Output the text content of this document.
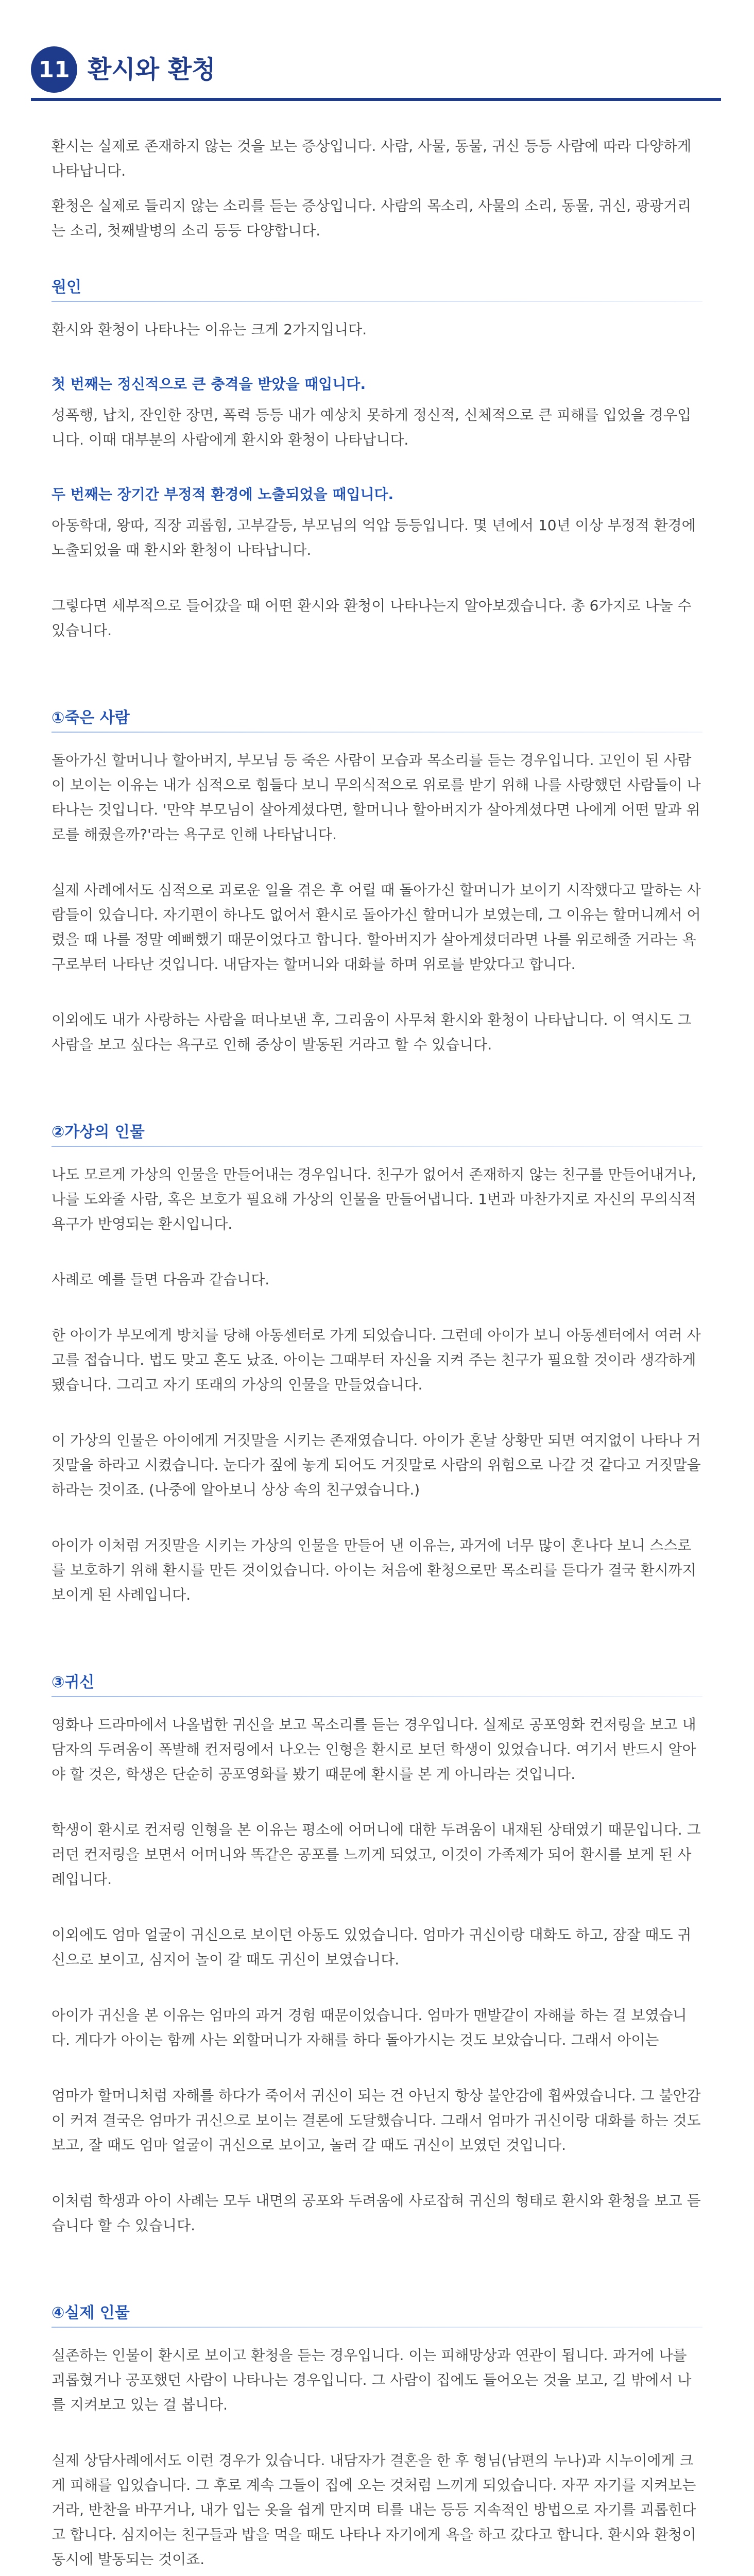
11 환시와 환청

환시는 실제로 존재하지 않는 것을 보는 증상입니다. 사람, 사물, 동물, 귀신 등등 사람에 따라 다양하게 나타납니다.

환청은 실제로 들리지 않는 소리를 듣는 증상입니다. 사람의 목소리, 사물의 소리, 동물, 귀신, 광광거리는 소리, 첫째발병의 소리 등등 다양합니다.

원인

환시와 환청이 나타나는 이유는 크게 2가지입니다.

첫 번째는 정신적으로 큰 충격을 받았을 때입니다.

성폭행, 납치, 잔인한 장면, 폭력 등등 내가 예상치 못하게 정신적, 신체적으로 큰 피해를 입었을 경우입니다. 이때 대부분의 사람에게 환시와 환청이 나타납니다.

두 번째는 장기간 부정적 환경에 노출되었을 때입니다.

아동학대, 왕따, 직장 괴롭힘, 고부갈등, 부모님의 억압 등등입니다. 몇 년에서 10년 이상 부정적 환경에 노출되었을 때 환시와 환청이 나타납니다.

그렇다면 세부적으로 들어갔을 때 어떤 환시와 환청이 나타나는지 알아보겠습니다. 총 6가지로 나눌 수 있습니다.

①죽은 사람

돌아가신 할머니나 할아버지, 부모님 등 죽은 사람이 모습과 목소리를 듣는 경우입니다. 고인이 된 사람이 보이는 이유는 내가 심적으로 힘들다 보니 무의식적으로 위로를 받기 위해 나를 사랑했던 사람들이 나타나는 것입니다. '만약 부모님이 살아계셨다면, 할머니나 할아버지가 살아계셨다면 나에게 어떤 말과 위로를 해줬을까?'라는 욕구로 인해 나타납니다.

실제 사례에서도 심적으로 괴로운 일을 겪은 후 어릴 때 돌아가신 할머니가 보이기 시작했다고 말하는 사람들이 있습니다. 자기편이 하나도 없어서 환시로 돌아가신 할머니가 보였는데, 그 이유는 할머니께서 어렸을 때 나를 정말 예뻐했기 때문이었다고 합니다. 할아버지가 살아계셨더라면 나를 위로해줄 거라는 욕구로부터 나타난 것입니다. 내담자는 할머니와 대화를 하며 위로를 받았다고 합니다.

이외에도 내가 사랑하는 사람을 떠나보낸 후, 그리움이 사무쳐 환시와 환청이 나타납니다. 이 역시도 그 사람을 보고 싶다는 욕구로 인해 증상이 발동된 거라고 할 수 있습니다.

②가상의 인물

나도 모르게 가상의 인물을 만들어내는 경우입니다. 친구가 없어서 존재하지 않는 친구를 만들어내거나, 나를 도와줄 사람, 혹은 보호가 필요해 가상의 인물을 만들어냅니다. 1번과 마찬가지로 자신의 무의식적 욕구가 반영되는 환시입니다.

사례로 예를 들면 다음과 같습니다.

한 아이가 부모에게 방치를 당해 아동센터로 가게 되었습니다. 그런데 아이가 보니 아동센터에서 여러 사고를 접습니다. 법도 맞고 혼도 났죠. 아이는 그때부터 자신을 지켜 주는 친구가 필요할 것이라 생각하게 됐습니다. 그리고 자기 또래의 가상의 인물을 만들었습니다.

이 가상의 인물은 아이에게 거짓말을 시키는 존재였습니다. 아이가 혼날 상황만 되면 여지없이 나타나 거짓말을 하라고 시켰습니다. 눈다가 짚에 놓게 되어도 거짓말로 사람의 위험으로 나갈 것 같다고 거짓말을 하라는 것이죠. (나중에 알아보니 상상 속의 친구였습니다.)

아이가 이처럼 거짓말을 시키는 가상의 인물을 만들어 낸 이유는, 과거에 너무 많이 혼나다 보니 스스로를 보호하기 위해 환시를 만든 것이었습니다. 아이는 처음에 환청으로만 목소리를 듣다가 결국 환시까지 보이게 된 사례입니다.

③귀신

영화나 드라마에서 나올법한 귀신을 보고 목소리를 듣는 경우입니다. 실제로 공포영화 컨저링을 보고 내담자의 두려움이 폭발해 컨저링에서 나오는 인형을 환시로 보던 학생이 있었습니다. 여기서 반드시 알아야 할 것은, 학생은 단순히 공포영화를 봤기 때문에 환시를 본 게 아니라는 것입니다.

학생이 환시로 컨저링 인형을 본 이유는 평소에 어머니에 대한 두려움이 내재된 상태였기 때문입니다. 그러던 컨저링을 보면서 어머니와 똑같은 공포를 느끼게 되었고, 이것이 가족제가 되어 환시를 보게 된 사례입니다.

이외에도 엄마 얼굴이 귀신으로 보이던 아동도 있었습니다. 엄마가 귀신이랑 대화도 하고, 잠잘 때도 귀신으로 보이고, 심지어 놀이 갈 때도 귀신이 보였습니다.

아이가 귀신을 본 이유는 엄마의 과거 경험 때문이었습니다. 엄마가 맨발같이 자해를 하는 걸 보였습니다. 게다가 아이는 함께 사는 외할머니가 자해를 하다 돌아가시는 것도 보았습니다. 그래서 아이는

엄마가 할머니처럼 자해를 하다가 죽어서 귀신이 되는 건 아닌지 항상 불안감에 휩싸였습니다. 그 불안감이 커져 결국은 엄마가 귀신으로 보이는 결론에 도달했습니다. 그래서 엄마가 귀신이랑 대화를 하는 것도 보고, 잘 때도 엄마 얼굴이 귀신으로 보이고, 놀러 갈 때도 귀신이 보였던 것입니다.

이처럼 학생과 아이 사례는 모두 내면의 공포와 두려움에 사로잡혀 귀신의 형태로 환시와 환청을 보고 듣습니다 할 수 있습니다.

④실제 인물

실존하는 인물이 환시로 보이고 환청을 듣는 경우입니다. 이는 피해망상과 연관이 됩니다. 과거에 나를 괴롭혔거나 공포했던 사람이 나타나는 경우입니다. 그 사람이 집에도 들어오는 것을 보고, 길 밖에서 나를 지켜보고 있는 걸 봅니다.

실제 상담사례에서도 이런 경우가 있습니다. 내담자가 결혼을 한 후 형님(남편의 누나)과 시누이에게 크게 피해를 입었습니다. 그 후로 계속 그들이 집에 오는 것처럼 느끼게 되었습니다. 자꾸 자기를 지켜보는 거라, 반찬을 바꾸거나, 내가 입는 옷을 쉽게 만지며 티를 내는 등등 지속적인 방법으로 자기를 괴롭힌다고 합니다. 심지어는 친구들과 밥을 먹을 때도 나타나 자기에게 욕을 하고 갔다고 합니다. 환시와 환청이 동시에 발동되는 것이죠.
